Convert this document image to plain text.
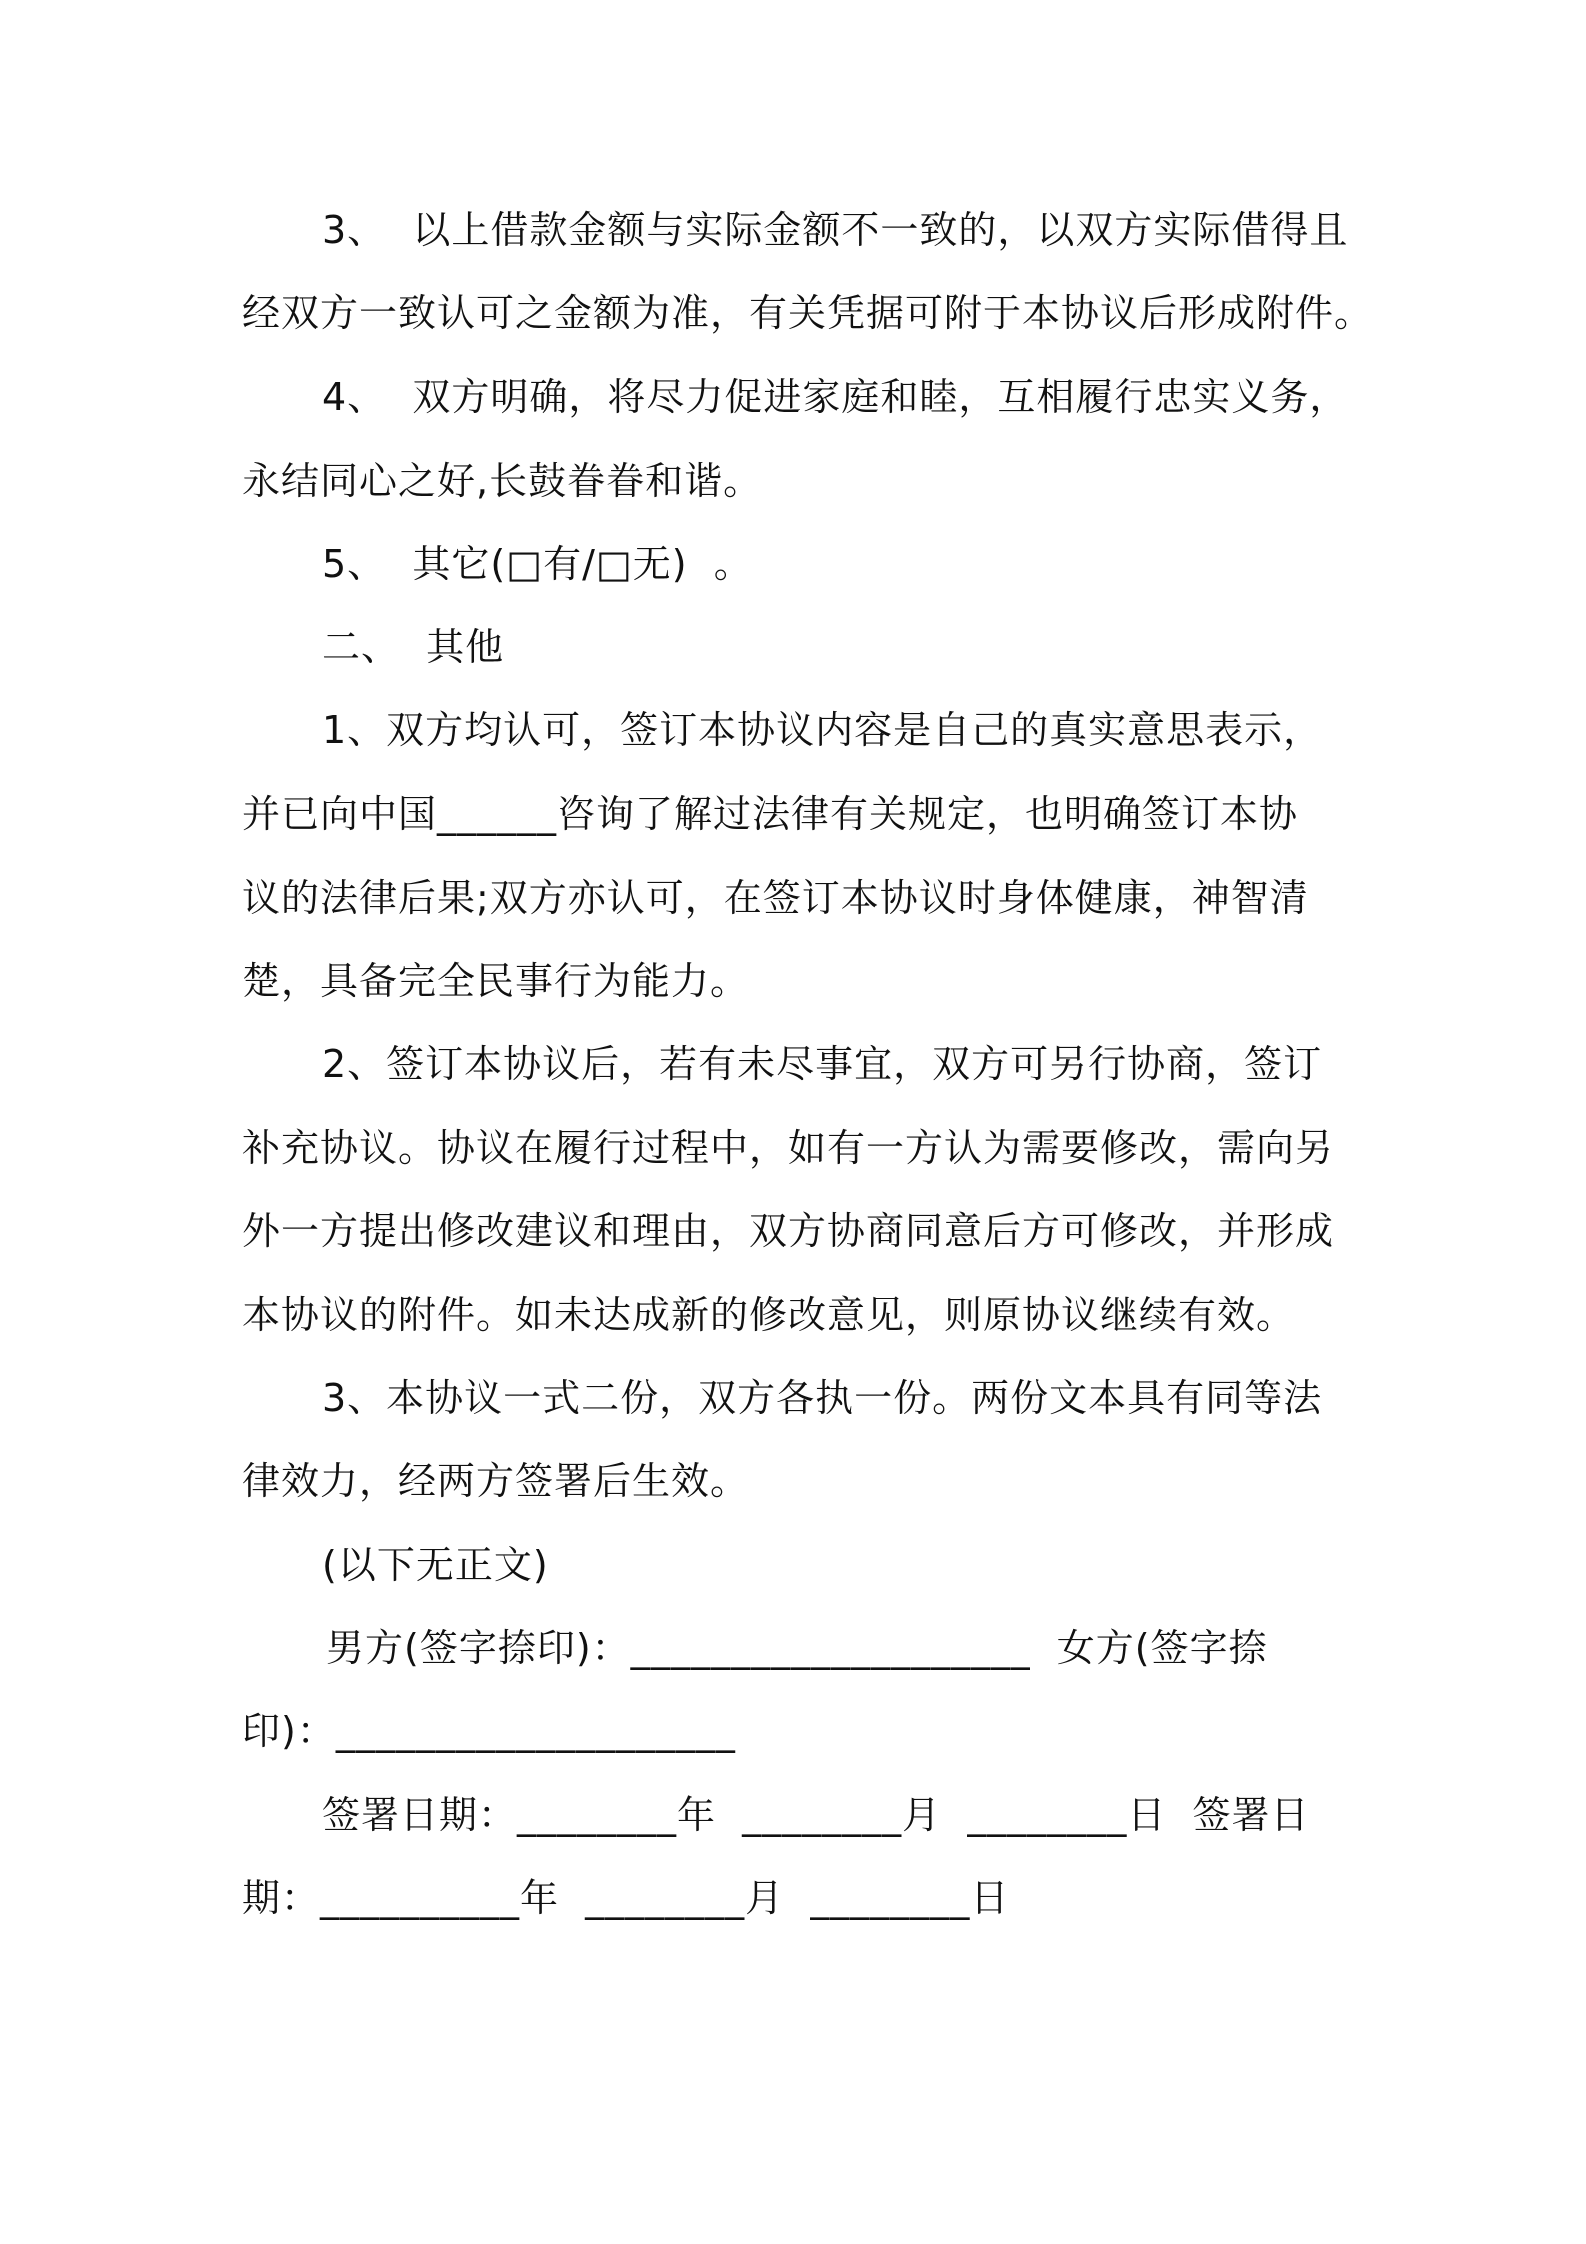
3、  以上借款金额与实际金额不一致的，以双方实际借得且
经双方一致认可之金额为准，有关凭据可附于本协议后形成附件。
4、  双方明确，将尽力促进家庭和睦，互相履行忠实义务，
永结同心之好,长鼓眷眷和谐。
5、  其它(□有/□无)  。
二、  其他
1、双方均认可，签订本协议内容是自己的真实意思表示，
并已向中国______咨询了解过法律有关规定，也明确签订本协
议的法律后果;双方亦认可，在签订本协议时身体健康，神智清
楚，具备完全民事行为能力。
2、签订本协议后，若有未尽事宜，双方可另行协商，签订
补充协议。协议在履行过程中，如有一方认为需要修改，需向另
外一方提出修改建议和理由，双方协商同意后方可修改，并形成
本协议的附件。如未达成新的修改意见，则原协议继续有效。
3、本协议一式二份，双方各执一份。两份文本具有同等法
律效力，经两方签署后生效。
(以下无正文)
男方(签字捺印)：____________________  女方(签字捺
印)：____________________
签署日期：________年  ________月  ________日  签署日
期：__________年  ________月  ________日
